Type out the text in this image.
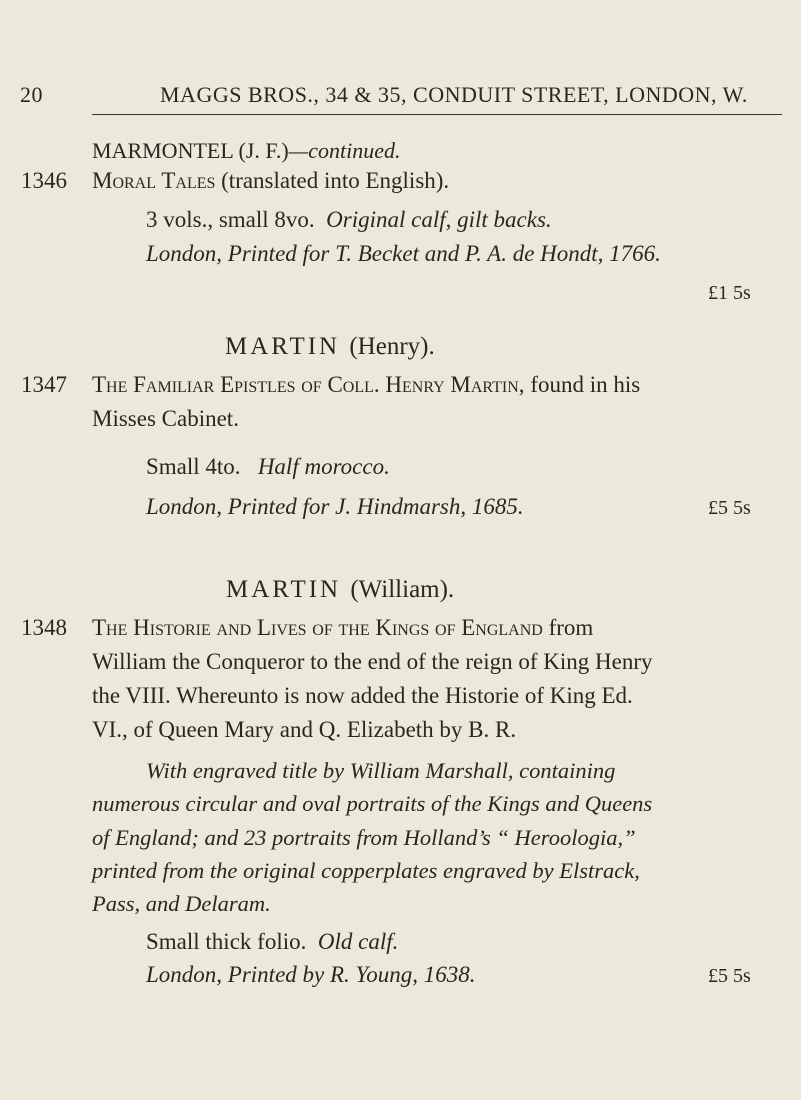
20	MAGGS BROS., 34 & 35, CONDUIT STREET, LONDON, W.
MARMONTEL (J. F.)—continued.
1346 Moral Tales (translated into English).
3 vols., small 8vo. Original calf, gilt backs.
London, Printed for T. Becket and P. A. de Hondt, 1766.
£1 5s
MARTIN (Henry).
1347 The Familiar Epistles of Coll. Henry Martin, found in his
Misses Cabinet.
Small 4to. Half morocco.
London, Printed for J. Hindmarsh, 1685.	£5 5s
MARTIN (William).
1348 The Historie and Lives of the Kings of England from
William the Conqueror to the end of the reign of King Henry
the VIII. Whereunto is now added the Historie of King Ed.
VI., of Queen Mary and Q. Elizabeth by B. R.
With engraved title by William Marshall, containing
numerous circular and oval portraits of the Kings and Queens
of England; and 23 portraits from Holland’s “ Heroologia,”
printed from the original copperplates engraved by Elstrack,
Pass, and Delaram.
Small thick folio. Old calf.
London, Printed by R. Young, 1638.	£5 5s
